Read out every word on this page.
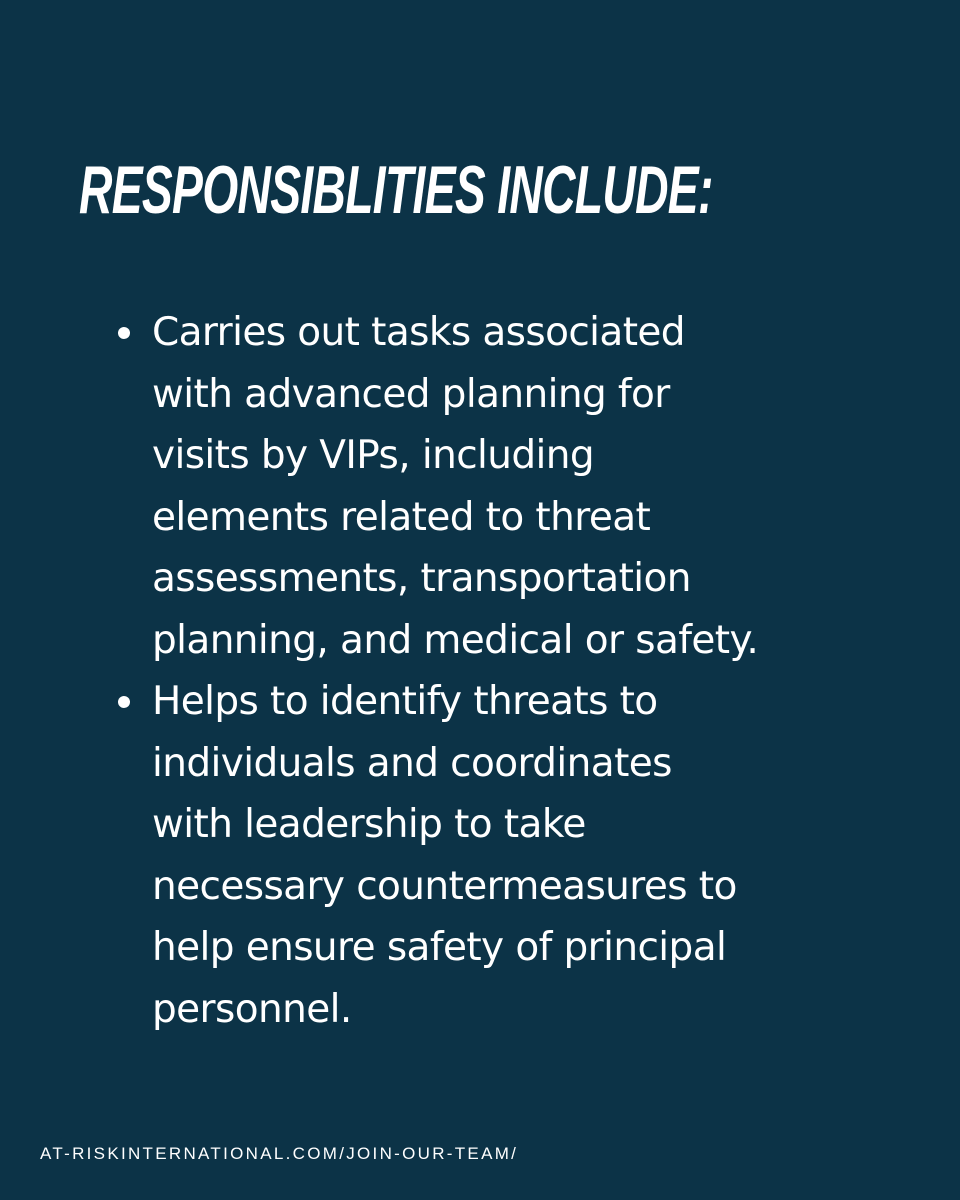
RESPONSIBLITIES INCLUDE:
Carries out tasks associated
with advanced planning for
visits by VIPs, including
elements related to threat
assessments, transportation
planning, and medical or safety.
Helps to identify threats to
individuals and coordinates
with leadership to take
necessary countermeasures to
help ensure safety of principal
personnel.
AT-RISKINTERNATIONAL.COM/JOIN-OUR-TEAM/
